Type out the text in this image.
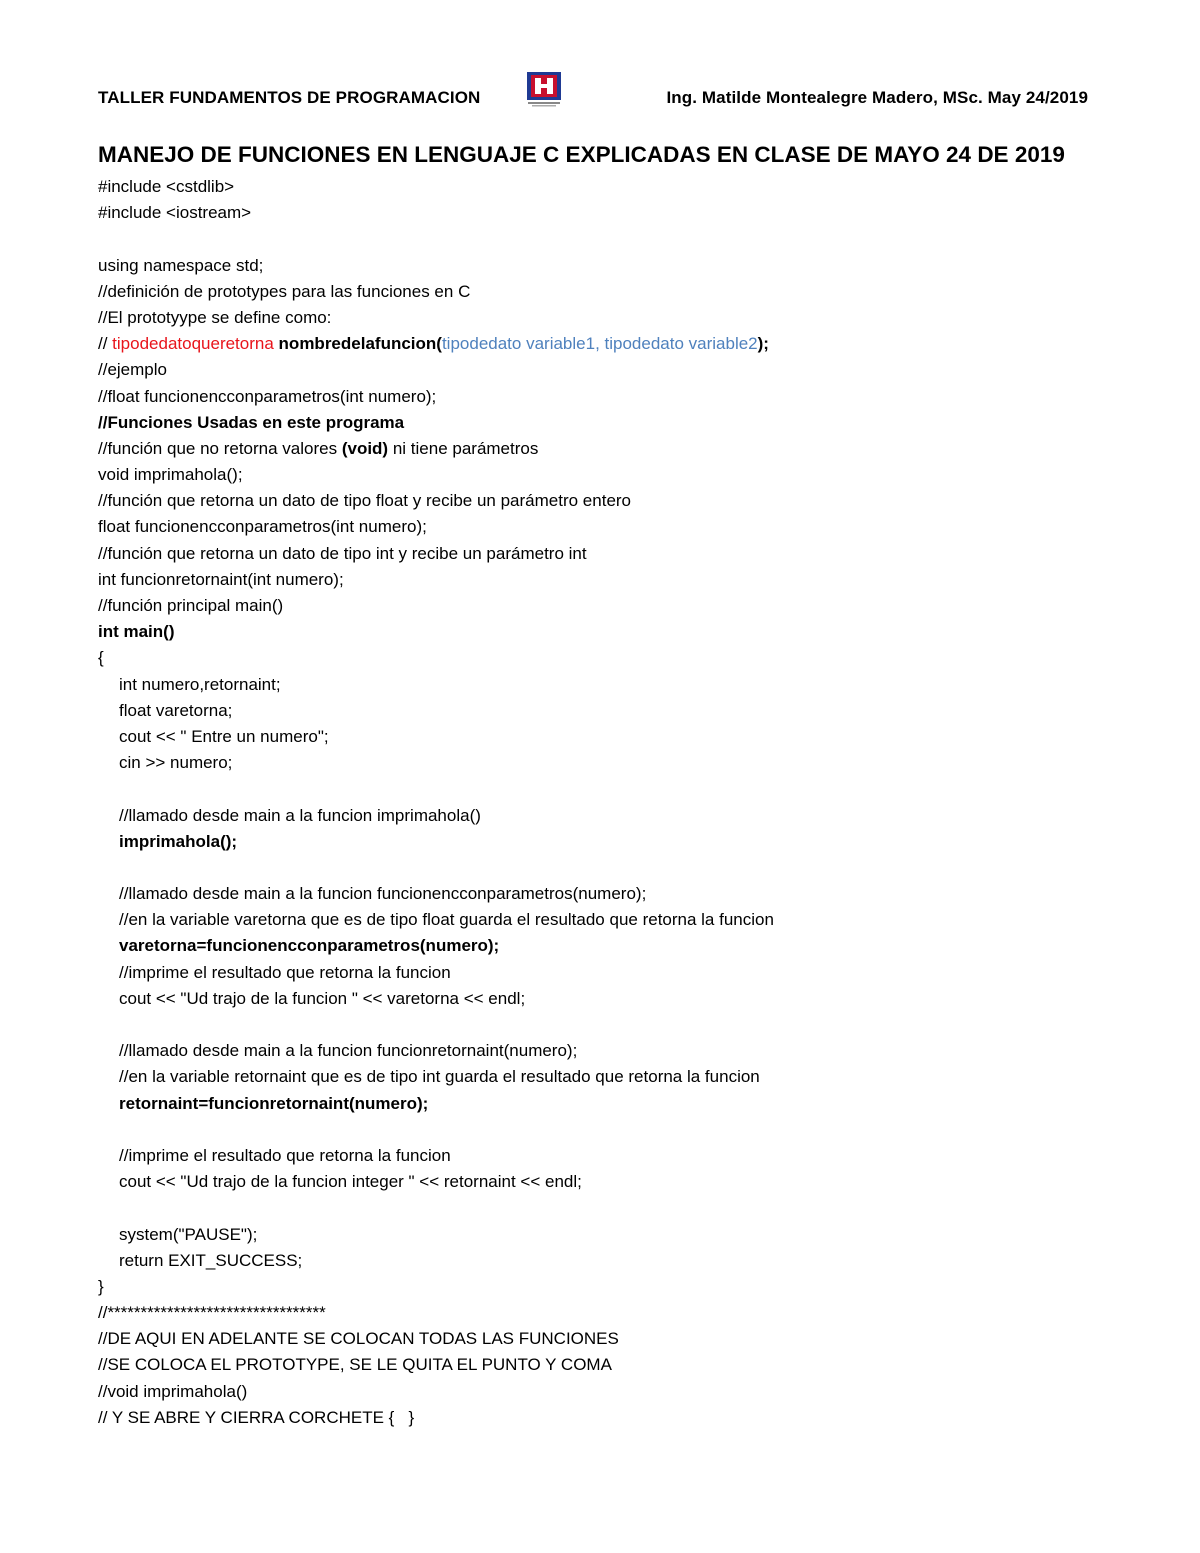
TALLER FUNDAMENTOS DE PROGRAMACION	Ing. Matilde Montealegre Madero, MSc. May 24/2019
MANEJO DE FUNCIONES EN LENGUAJE C EXPLICADAS EN CLASE DE MAYO 24 DE 2019
#include <cstdlib>
#include <iostream>
using namespace std;
//definición de prototypes para las funciones en C
//El prototyype se define como:
// tipodedatoqueretorna nombredelafuncion(tipodedato variable1, tipodedato variable2);
//ejemplo
//float funcionencconparametros(int numero);
//Funciones Usadas en este programa
//función que no retorna valores (void) ni tiene parámetros
void imprimahola();
//función que retorna un dato de tipo float y recibe un parámetro entero
float funcionencconparametros(int numero);
//función que retorna un dato de tipo int y recibe un parámetro int
int funcionretornaint(int numero);
//función principal main()
int main()
{
int numero,retornaint;
float varetorna;
cout << " Entre un numero";
cin >> numero;
//llamado desde main a la funcion imprimahola()
imprimahola();
//llamado desde main a la funcion funcionencconparametros(numero);
//en la variable varetorna que es de tipo float guarda el resultado que retorna la funcion
varetorna=funcionencconparametros(numero);
//imprime el resultado que retorna la funcion
cout << "Ud trajo de la funcion " << varetorna << endl;
//llamado desde main a la funcion funcionretornaint(numero);
//en la variable retornaint que es de tipo int guarda el resultado que retorna la funcion
retornaint=funcionretornaint(numero);
//imprime el resultado que retorna la funcion
cout << "Ud trajo de la funcion integer " << retornaint << endl;
system("PAUSE");
return EXIT_SUCCESS;
}
//*********************************
//DE AQUI EN ADELANTE SE COLOCAN TODAS LAS FUNCIONES
//SE COLOCA EL PROTOTYPE, SE LE QUITA EL PUNTO Y COMA
//void imprimahola()
// Y SE ABRE Y CIERRA CORCHETE {   }
